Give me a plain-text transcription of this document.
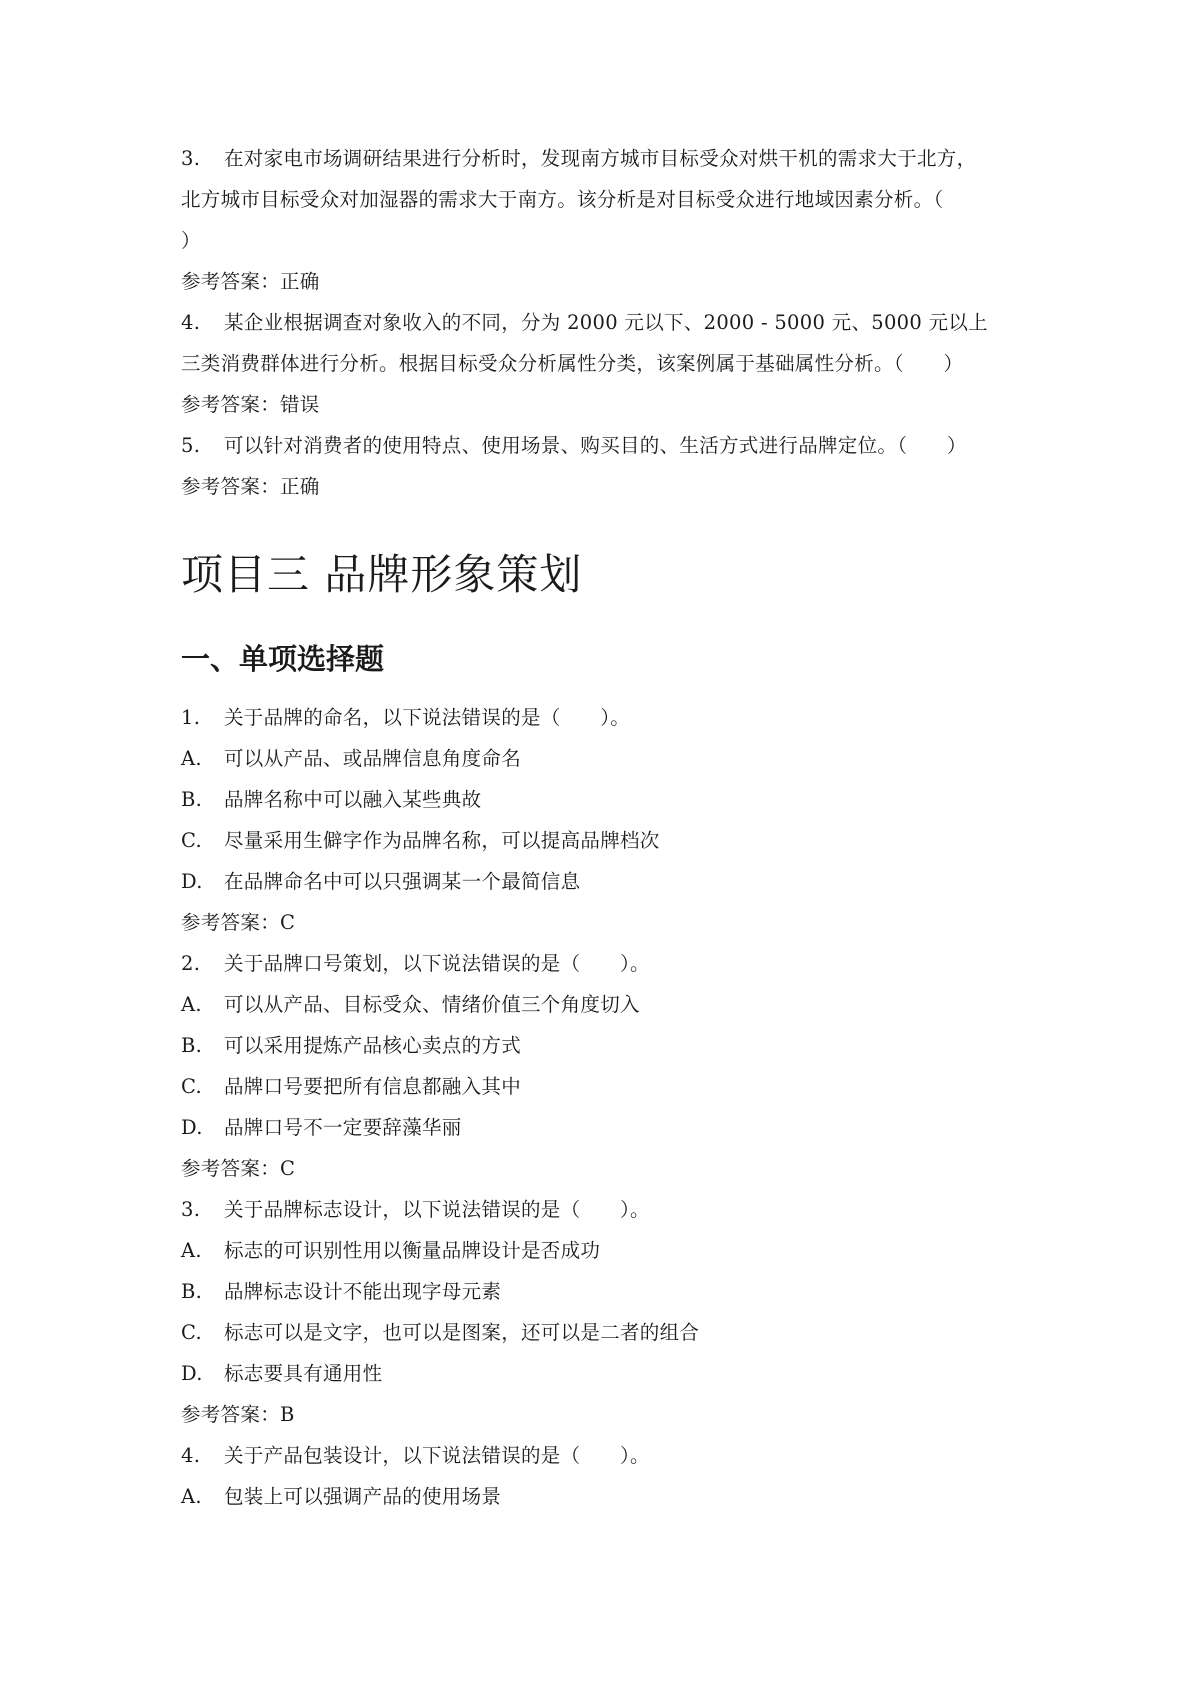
3. 在对家电市场调研结果进行分析时，发现南方城市目标受众对烘干机的需求大于北方，
北方城市目标受众对加湿器的需求大于南方。该分析是对目标受众进行地域因素分析。（
）
参考答案：正确
4. 某企业根据调查对象收入的不同，分为 2000 元以下、2000 - 5000 元、5000 元以上
三类消费群体进行分析。根据目标受众分析属性分类，该案例属于基础属性分析。（　　）
参考答案：错误
5. 可以针对消费者的使用特点、使用场景、购买目的、生活方式进行品牌定位。（　　）
参考答案：正确
项目三 品牌形象策划
一、单项选择题
1. 关于品牌的命名，以下说法错误的是（　　）。
A. 可以从产品、或品牌信息角度命名
B. 品牌名称中可以融入某些典故
C. 尽量采用生僻字作为品牌名称，可以提高品牌档次
D. 在品牌命名中可以只强调某一个最简信息
参考答案：C
2. 关于品牌口号策划，以下说法错误的是（　　）。
A. 可以从产品、目标受众、情绪价值三个角度切入
B. 可以采用提炼产品核心卖点的方式
C. 品牌口号要把所有信息都融入其中
D. 品牌口号不一定要辞藻华丽
参考答案：C
3. 关于品牌标志设计，以下说法错误的是（　　）。
A. 标志的可识别性用以衡量品牌设计是否成功
B. 品牌标志设计不能出现字母元素
C. 标志可以是文字，也可以是图案，还可以是二者的组合
D. 标志要具有通用性
参考答案：B
4. 关于产品包装设计，以下说法错误的是（　　）。
A. 包装上可以强调产品的使用场景
